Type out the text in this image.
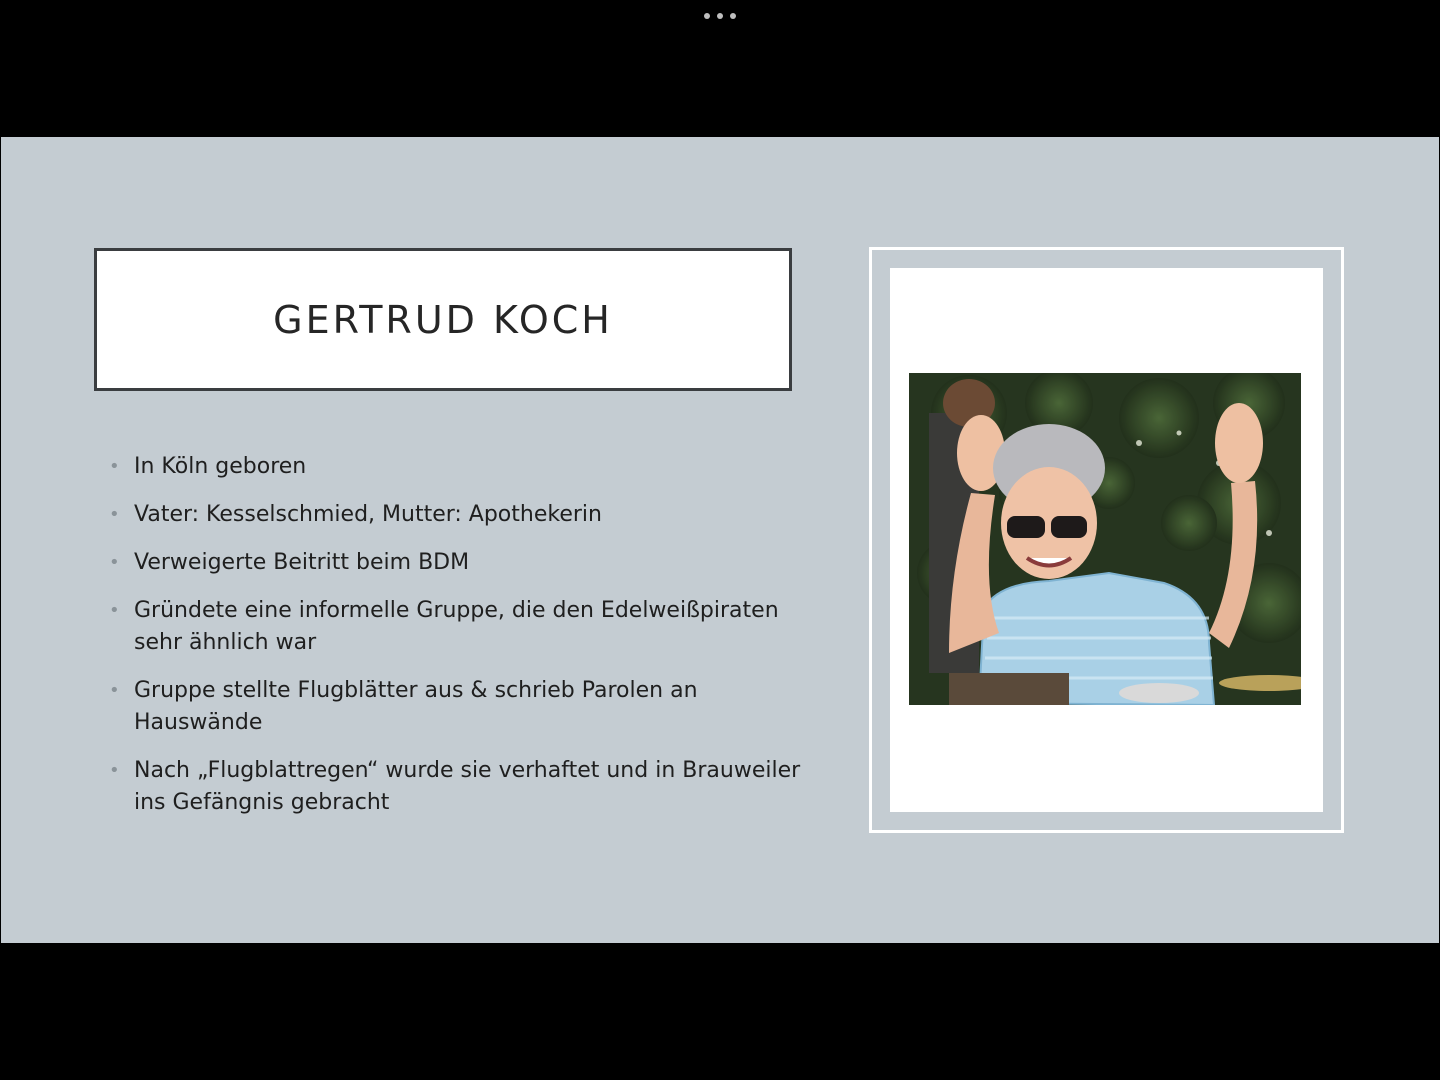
GERTRUD KOCH
• In Köln geboren
• Vater: Kesselschmied, Mutter: Apothekerin
• Verweigerte Beitritt beim BDM
• Gründete eine informelle Gruppe, die den Edelweißpiraten sehr ähnlich war
• Gruppe stellte Flugblätter aus & schrieb Parolen an Hauswände
• Nach „Flugblattregen“ wurde sie verhaftet und in Brauweiler ins Gefängnis gebracht
